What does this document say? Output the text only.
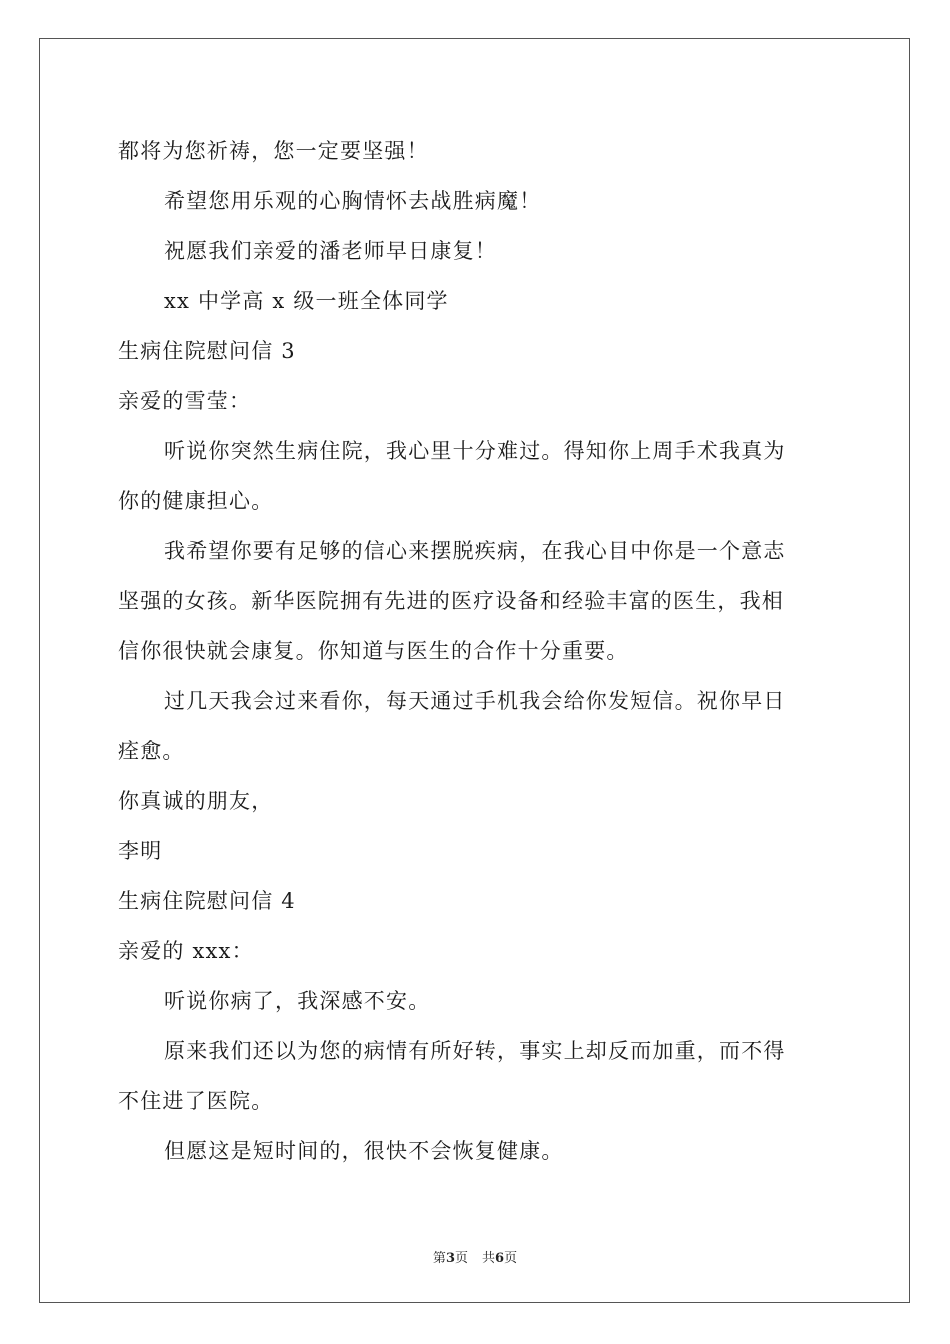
都将为您祈祷，您一定要坚强！
希望您用乐观的心胸情怀去战胜病魔！
祝愿我们亲爱的潘老师早日康复！
xx 中学高 x 级一班全体同学
生病住院慰问信 3
亲爱的雪莹：
听说你突然生病住院，我心里十分难过。得知你上周手术我真为
你的健康担心。
我希望你要有足够的信心来摆脱疾病，在我心目中你是一个意志
坚强的女孩。新华医院拥有先进的医疗设备和经验丰富的医生，我相
信你很快就会康复。你知道与医生的合作十分重要。
过几天我会过来看你，每天通过手机我会给你发短信。祝你早日
痊愈。
你真诚的朋友，
李明
生病住院慰问信 4
亲爱的 xxx：
听说你病了，我深感不安。
原来我们还以为您的病情有所好转，事实上却反而加重，而不得
不住进了医院。
但愿这是短时间的，很快不会恢复健康。
第3页 共6页
